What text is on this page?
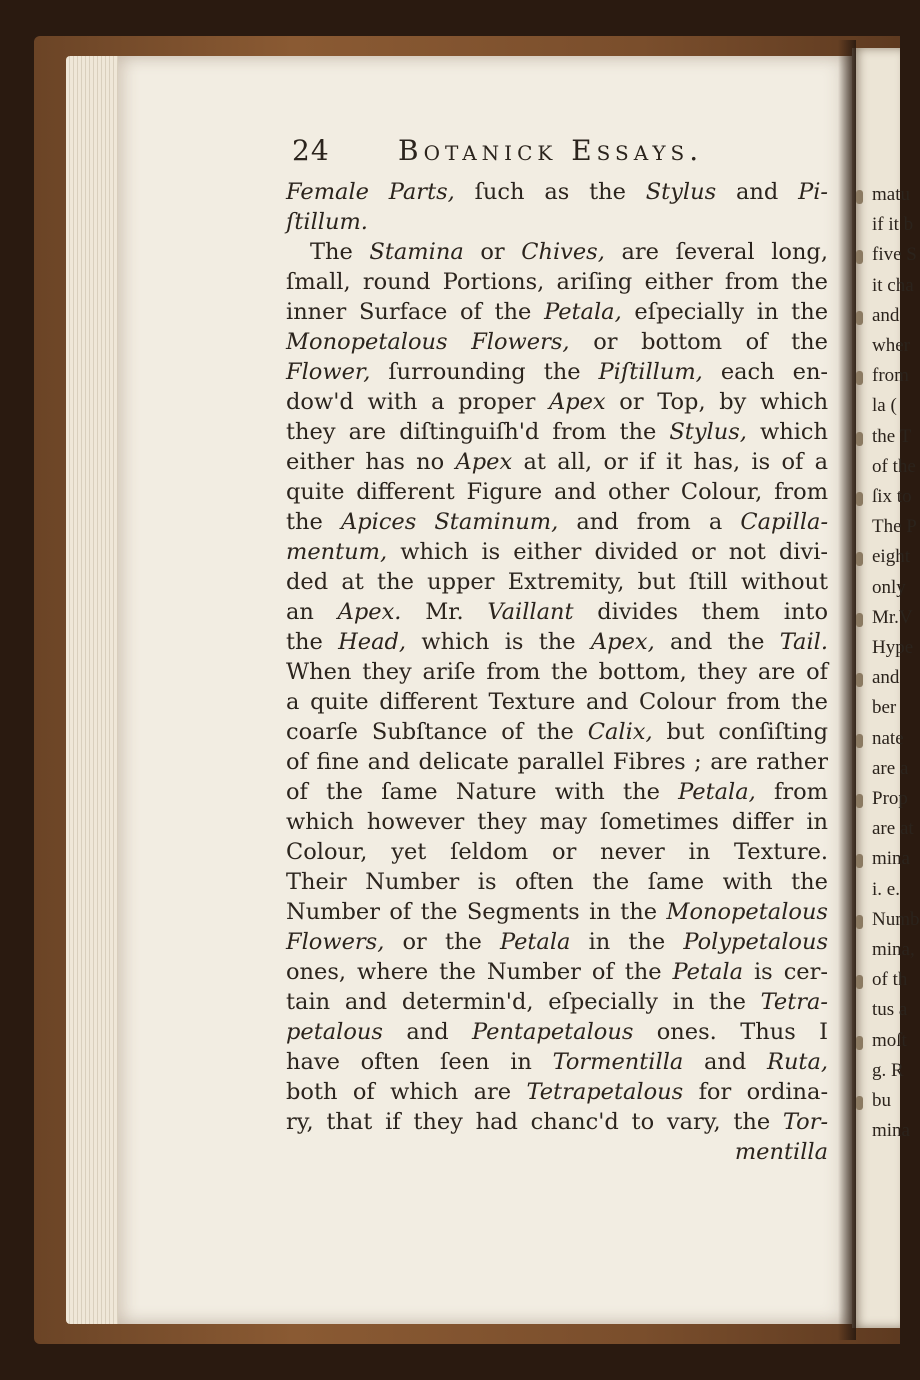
matu
if it b
five S
it cha
and
wher
from
la (
the T
of the
ſix to
The P
eight
only
Mr.V
Hype
and
ber
nate
are a
Prop
are at
mina
i. e.
Numb
mina,
of th
tus a
moſt
g. R
bu
mina
24 Botanick Essays.
Female Parts, ſuch as the Stylus and Pi-
ſtillum.
The Stamina or Chives, are ſeveral long,
ſmall, round Portions, ariſing either from the
inner Surface of the Petala, eſpecially in the
Monopetalous Flowers, or bottom of the
Flower, ſurrounding the Piſtillum, each en-
dow'd with a proper Apex or Top, by which
they are diſtinguiſh'd from the Stylus, which
either has no Apex at all, or if it has, is of a
quite different Figure and other Colour, from
the Apices Staminum, and from a Capilla-
mentum, which is either divided or not divi-
ded at the upper Extremity, but ſtill without
an Apex. Mr. Vaillant divides them into
the Head, which is the Apex, and the Tail.
When they ariſe from the bottom, they are of
a quite different Texture and Colour from the
coarſe Subſtance of the Calix, but conſiſting
of fine and delicate parallel Fibres ; are rather
of the ſame Nature with the Petala, from
which however they may ſometimes differ in
Colour, yet ſeldom or never in Texture.
Their Number is often the ſame with the
Number of the Segments in the Monopetalous
Flowers, or the Petala in the Polypetalous
ones, where the Number of the Petala is cer-
tain and determin'd, eſpecially in the Tetra-
petalous and Pentapetalous ones. Thus I
have often ſeen in Tormentilla and Ruta,
both of which are Tetrapetalous for ordina-
ry, that if they had chanc'd to vary, the Tor-
mentilla
